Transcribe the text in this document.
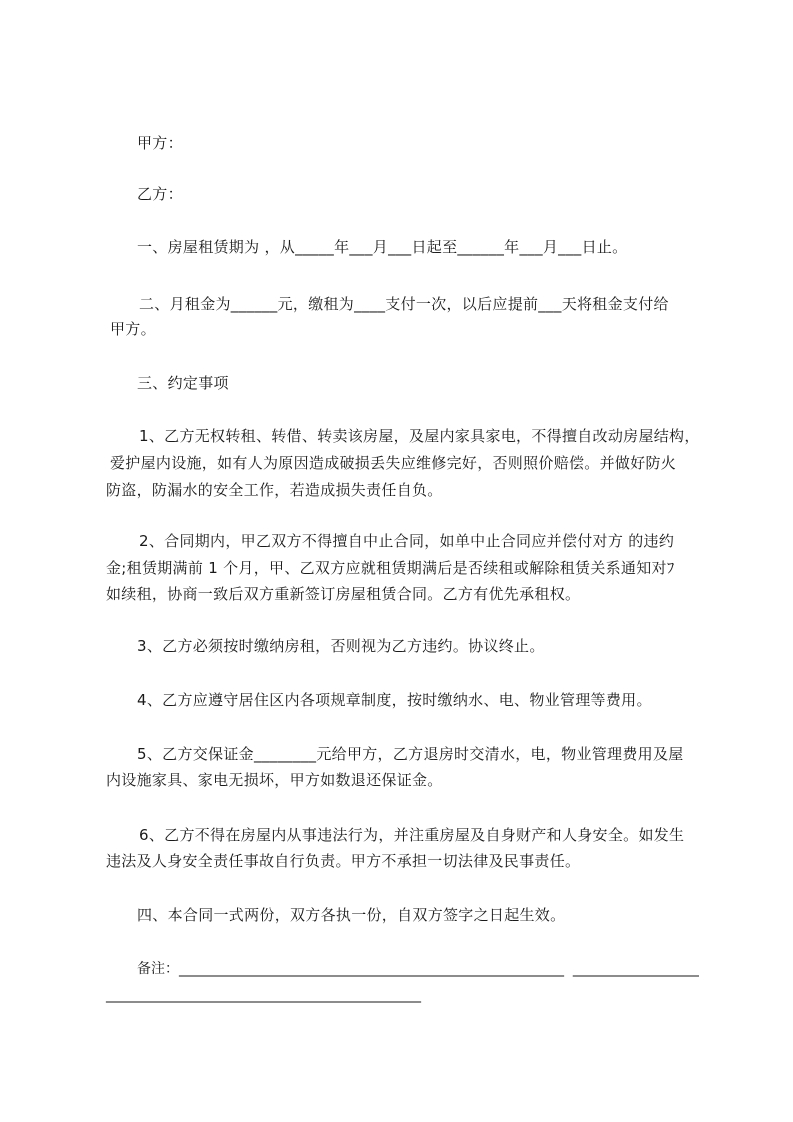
甲方：
乙方：
一、房屋租赁期为 ，从_____年___月___日起至______年___月___日止。
二、月租金为______元，缴租为____支付一次，以后应提前___天将租金支付给
甲方。
三、约定事项
1、乙方无权转租、转借、转卖该房屋，及屋内家具家电，不得擅自改动房屋结构，
爱护屋内设施，如有人为原因造成破损丢失应维修完好，否则照价赔偿。并做好防火
防盗，防漏水的安全工作，若造成损失责任自负。
2、合同期内，甲乙双方不得擅自中止合同，如单中止合同应并偿付对方 的违约
金;租赁期满前 1 个月，甲、乙双方应就租赁期满后是否续租或解除租赁关系通知对ﾌ
如续租，协商一致后双方重新签订房屋租赁合同。乙方有优先承租权。
3、乙方必须按时缴纳房租，否则视为乙方违约。协议终止。
4、乙方应遵守居住区内各项规章制度，按时缴纳水、电、物业管理等费用。
5、乙方交保证金________元给甲方，乙方退房时交清水，电，物业管理费用及屋
内设施家具、家电无损坏，甲方如数退还保证金。
6、乙方不得在房屋内从事违法行为，并注重房屋及自身财产和人身安全。如发生
违法及人身安全责任事故自行负责。甲方不承担一切法律及民事责任。
四、本合同一式两份，双方各执一份，自双方签字之日起生效。
备注：_______________________________________________________  __________________
_____________________________________________
